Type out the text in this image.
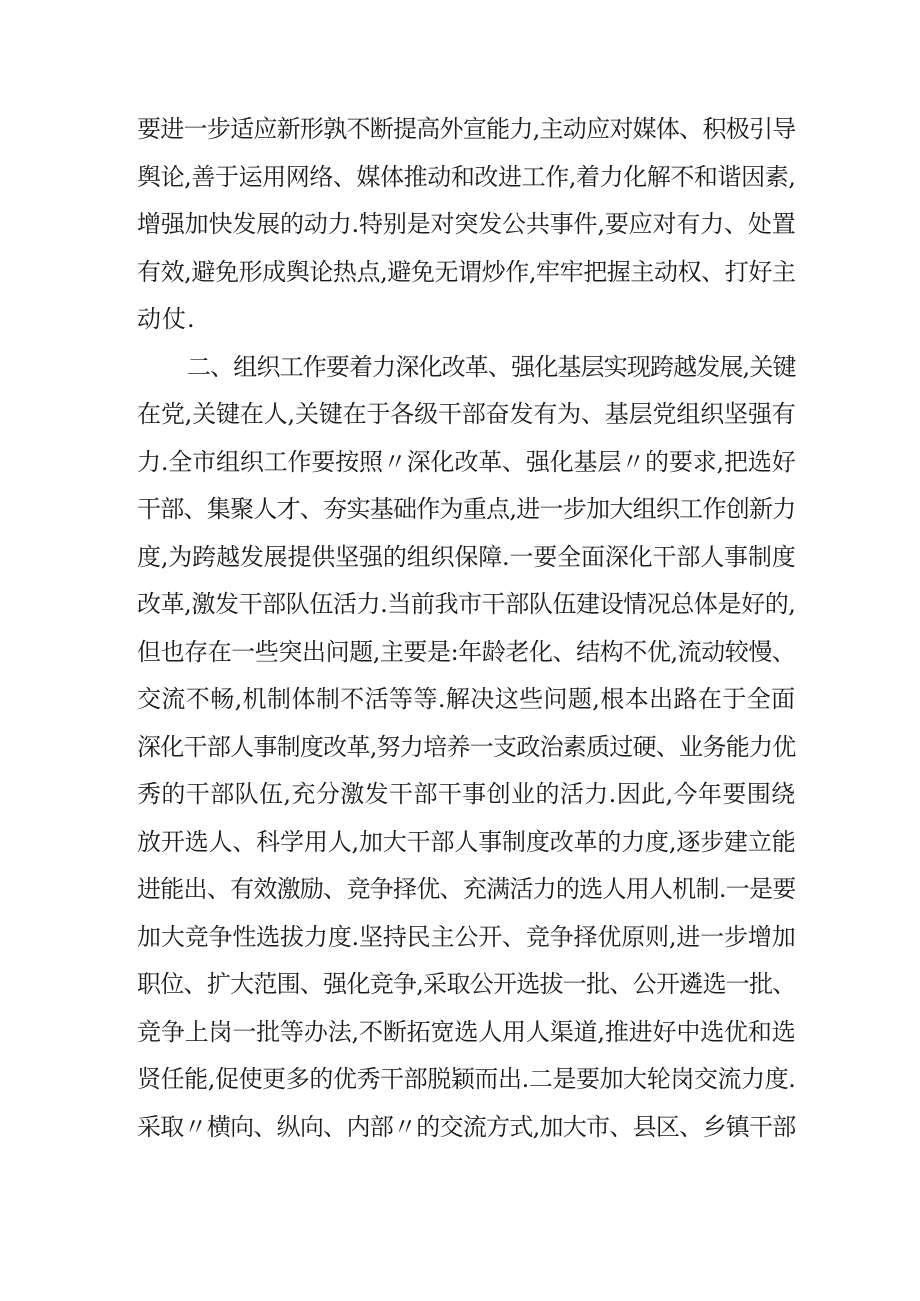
要进一步适应新形孰不断提高外宣能力,主动应对媒体、积极引导
舆论,善于运用网络、媒体推动和改进工作,着力化解不和谐因素,
增强加快发展的动力.特别是对突发公共事件,要应对有力、处置
有效,避免形成舆论热点,避免无谓炒作,牢牢把握主动权、打好主
动仗.
二、组织工作要着力深化改革、强化基层实现跨越发展,关键
在党,关键在人,关键在于各级干部奋发有为、基层党组织坚强有
力.全市组织工作要按照〃深化改革、强化基层〃的要求,把选好
干部、集聚人才、夯实基础作为重点,进一步加大组织工作创新力
度,为跨越发展提供坚强的组织保障.一要全面深化干部人事制度
改革,激发干部队伍活力.当前我市干部队伍建设情况总体是好的,
但也存在一些突出问题,主要是:年龄老化、结构不优,流动较慢、
交流不畅,机制体制不活等等.解决这些问题,根本出路在于全面
深化干部人事制度改革,努力培养一支政治素质过硬、业务能力优
秀的干部队伍,充分激发干部干事创业的活力.因此,今年要围绕
放开选人、科学用人,加大干部人事制度改革的力度,逐步建立能
进能出、有效激励、竞争择优、充满活力的选人用人机制.一是要
加大竞争性选拔力度.坚持民主公开、竞争择优原则,进一步增加
职位、扩大范围、强化竞争,采取公开选拔一批、公开遴选一批、
竞争上岗一批等办法,不断拓宽选人用人渠道,推进好中选优和选
贤任能,促使更多的优秀干部脱颖而出.二是要加大轮岗交流力度.
采取〃横向、纵向、内部〃的交流方式,加大市、县区、乡镇干部
